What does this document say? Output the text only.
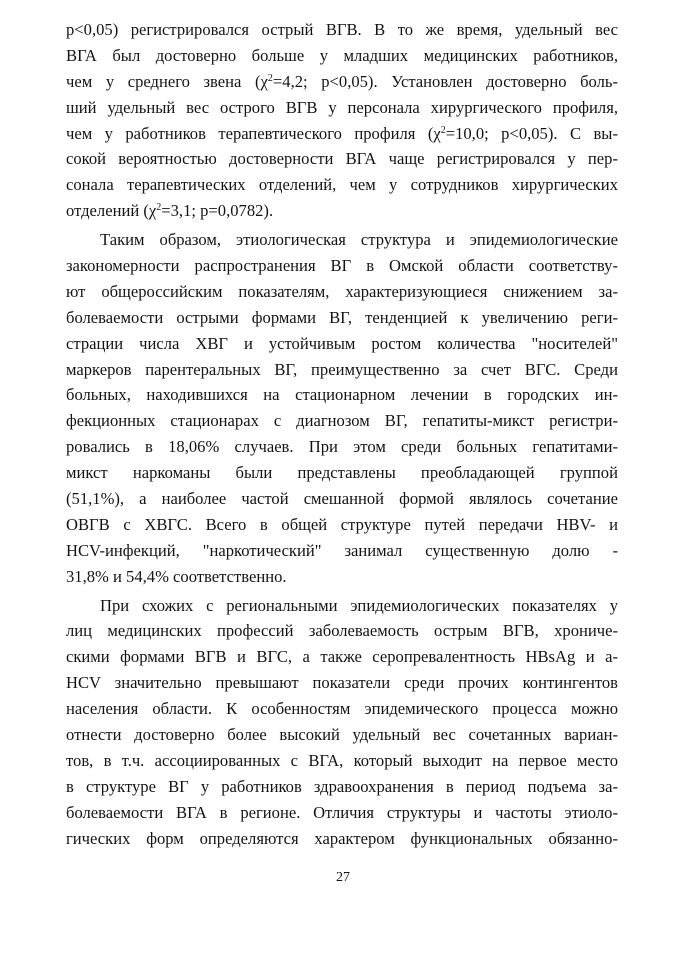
р<0,05) регистрировался острый ВГВ. В то же время, удельный вес
ВГА был достоверно больше у младших медицинских работников,
чем у среднего звена ($\chi^2=4,2$; р<0,05). Установлен достоверно боль-
ший удельный вес острого ВГВ у персонала хирургического профиля,
чем у работников терапевтического профиля ($\chi^2=10,0$; р<0,05). С вы-
сокой вероятностью достоверности ВГА чаще регистрировался у пер-
сонала терапевтических отделений, чем у сотрудников хирургических
отделений ($\chi^2=3,1$; р=0,0782).
Таким образом, этиологическая структура и эпидемиологические
закономерности распространения ВГ в Омской области соответству-
ют общероссийским показателям, характеризующиеся снижением за-
болеваемости острыми формами ВГ, тенденцией к увеличению реги-
страции числа ХВГ и устойчивым ростом количества "носителей"
маркеров парентеральных ВГ, преимущественно за счет ВГС. Среди
больных, находившихся на стационарном лечении в городских ин-
фекционных стационарах с диагнозом ВГ, гепатиты-микст регистри-
ровались в 18,06% случаев. При этом среди больных гепатитами-
микст наркоманы были представлены преобладающей группой
(51,1%), а наиболее частой смешанной формой являлось сочетание
ОВГВ с ХВГС. Всего в общей структуре путей передачи HBV- и
HCV-инфекций, "наркотический" занимал существенную долю -
31,8% и 54,4% соответственно.
При схожих с региональными эпидемиологических показателях у
лиц медицинских профессий заболеваемость острым ВГВ, хрониче-
скими формами ВГВ и ВГС, а также серопревалентность HBsAg и а-
HCV значительно превышают показатели среди прочих контингентов
населения области. К особенностям эпидемического процесса можно
отнести достоверно более высокий удельный вес сочетанных вариан-
тов, в т.ч. ассоциированных с ВГА, который выходит на первое место
в структуре ВГ у работников здравоохранения в период подъема за-
болеваемости ВГА в регионе. Отличия структуры и частоты этиоло-
гических форм определяются характером функциональных обязанно-
27
